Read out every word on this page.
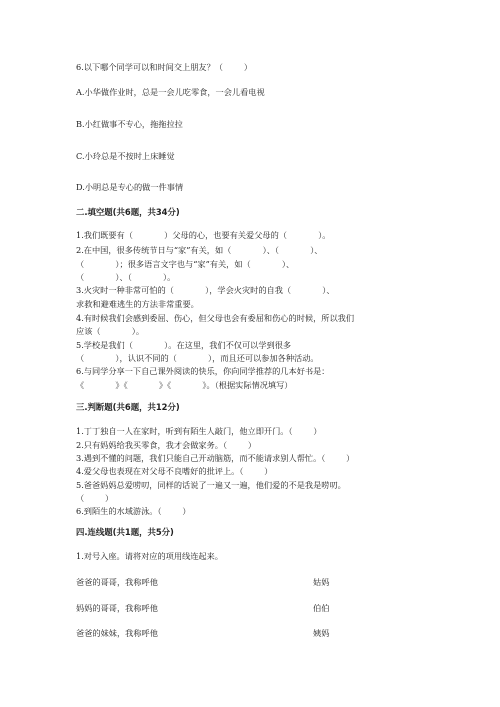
6.以下哪个同学可以和时间交上朋友？（        ）
A.小华做作业时，总是一会儿吃零食，一会儿看电视
B.小红做事不专心，拖拖拉拉
C.小玲总是不按时上床睡觉
D.小明总是专心的做一件事情
二.填空题(共6题，共34分)
1.我们既要有（            ）父母的心，也要有关爱父母的（            ）。
2.在中国，很多传统节日与“家”有关，如（            ）、（            ）、
（            ）；很多语言文字也与“家”有关，如（            ）、
（            ）、（            ）。
3.火灾时一种非常可怕的（            ），学会火灾时的自我（            ）、
求救和避难逃生的方法非常重要。
4.有时候我们会感到委屈、伤心，但父母也会有委屈和伤心的时候，所以我们
应该（            ）。
5.学校是我们（            ）。在这里，我们不仅可以学到很多
（            ），认识不同的（            ），而且还可以参加各种活动。
6.与同学分享一下自己课外阅读的快乐，你向同学推荐的几本好书是：
《            》《            》《            》。（根据实际情况填写）
三.判断题(共6题，共12分)
1.丁丁独自一人在家时，听到有陌生人敲门，他立即开门。（        ）
2.只有妈妈给我买零食，我才会做家务。（        ）
3.遇到不懂的问题，我们只能自己开动脑筋，而不能请求别人帮忙。（        ）
4.爱父母也表现在对父母不良嗜好的批评上。（        ）
5.爸爸妈妈总爱唠叨，同样的话说了一遍又一遍，他们爱的不是我是唠叨。
（        ）
6.到陌生的水域游泳。（        ）
四.连线题(共1题，共5分)
1.对号入座。请将对应的项用线连起来。
爸爸的哥哥，我称呼他	姑妈
妈妈的哥哥，我称呼他	伯伯
爸爸的妹妹，我称呼他	姨妈
